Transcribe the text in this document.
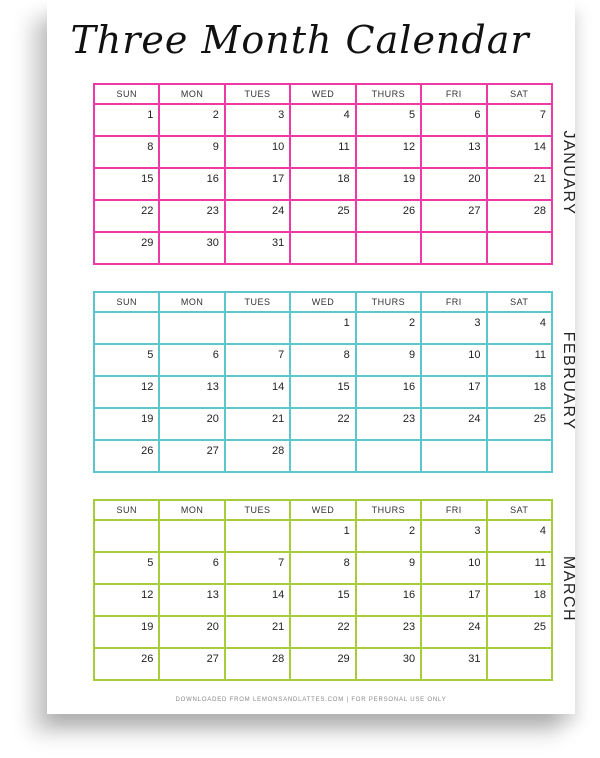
Three Month Calendar
SUN	MON	TUES	WED	THURS	FRI	SAT
1	2	3	4	5	6	7
8	9	10	11	12	13	14
15	16	17	18	19	20	21
22	23	24	25	26	27	28
29	30	31				
JANUARY
SUN	MON	TUES	WED	THURS	FRI	SAT
			1	2	3	4
5	6	7	8	9	10	11
12	13	14	15	16	17	18
19	20	21	22	23	24	25
26	27	28				
FEBRUARY
SUN	MON	TUES	WED	THURS	FRI	SAT
			1	2	3	4
5	6	7	8	9	10	11
12	13	14	15	16	17	18
19	20	21	22	23	24	25
26	27	28	29	30	31	
MARCH
DOWNLOADED FROM LEMONSANDLATTES.COM | FOR PERSONAL USE ONLY
